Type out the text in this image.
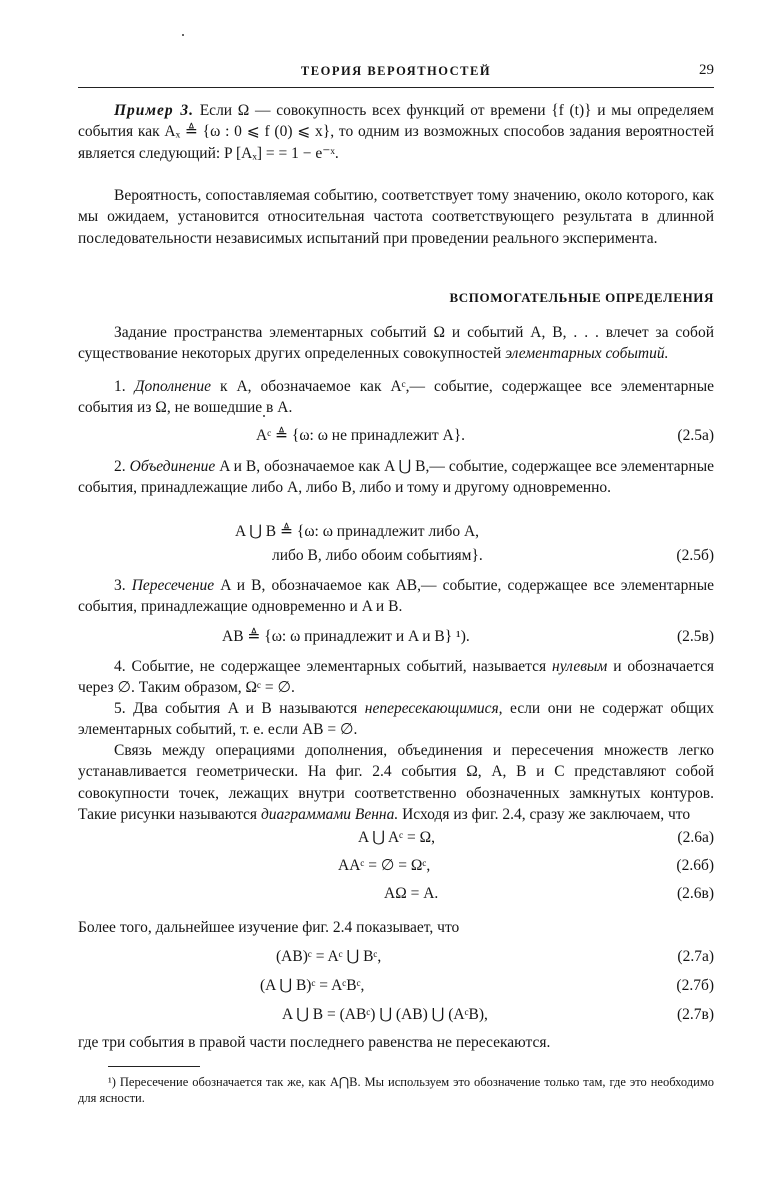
ТЕОРИЯ ВЕРОЯТНОСТЕЙ	29

Пример 3. Если Ω — совокупность всех функций от времени {f (t)} и мы определяем события как Aₓ ≜ {ω : 0 ⩽ f (0) ⩽ x}, то одним из возможных способов задания вероятностей является следующий: P [Aₓ] = = 1 − e⁻ˣ.

Вероятность, сопоставляемая событию, соответствует тому значению, около которого, как мы ожидаем, установится относительная частота соответствующего результата в длинной последовательности независимых испытаний при проведении реального эксперимента.

ВСПОМОГАТЕЛЬНЫЕ ОПРЕДЕЛЕНИЯ

Задание пространства элементарных событий Ω и событий A, B, . . . влечет за собой существование некоторых других определенных совокупностей элементарных событий.

1. Дополнение к A, обозначаемое как Aᶜ,— событие, содержащее все элементарные события из Ω, не вошедшие в A.

Aᶜ ≜ {ω: ω не принадлежит A}.	(2.5a)

2. Объединение A и B, обозначаемое как A ⋃ B,— событие, содержащее все элементарные события, принадлежащие либо A, либо B, либо и тому и другому одновременно.

A ⋃ B ≜ {ω: ω принадлежит либо A,
либо B, либо обоим событиям}.	(2.5б)

3. Пересечение A и B, обозначаемое как AB,— событие, содержащее все элементарные события, принадлежащие одновременно и A и B.

AB ≜ {ω: ω принадлежит и A и B} ¹).	(2.5в)

4. Событие, не содержащее элементарных событий, называется нулевым и обозначается через ∅. Таким образом, Ωᶜ = ∅.

5. Два события A и B называются непересекающимися, если они не содержат общих элементарных событий, т. е. если AB = ∅.

Связь между операциями дополнения, объединения и пересечения множеств легко устанавливается геометрически. На фиг. 2.4 события Ω, A, B и C представляют собой совокупности точек, лежащих внутри соответственно обозначенных замкнутых контуров. Такие рисунки называются диаграммами Венна. Исходя из фиг. 2.4, сразу же заключаем, что

A ⋃ Aᶜ = Ω,	(2.6a)
AAᶜ = ∅ = Ωᶜ,	(2.6б)
AΩ = A.	(2.6в)

Более того, дальнейшее изучение фиг. 2.4 показывает, что

(AB)ᶜ = Aᶜ ⋃ Bᶜ,	(2.7a)
(A ⋃ B)ᶜ = AᶜBᶜ,	(2.7б)
A ⋃ B = (ABᶜ) ⋃ (AB) ⋃ (AᶜB),	(2.7в)

где три события в правой части последнего равенства не пересекаются.

¹) Пересечение обозначается так же, как A⋂B. Мы используем это обозначение только там, где это необходимо для ясности.
